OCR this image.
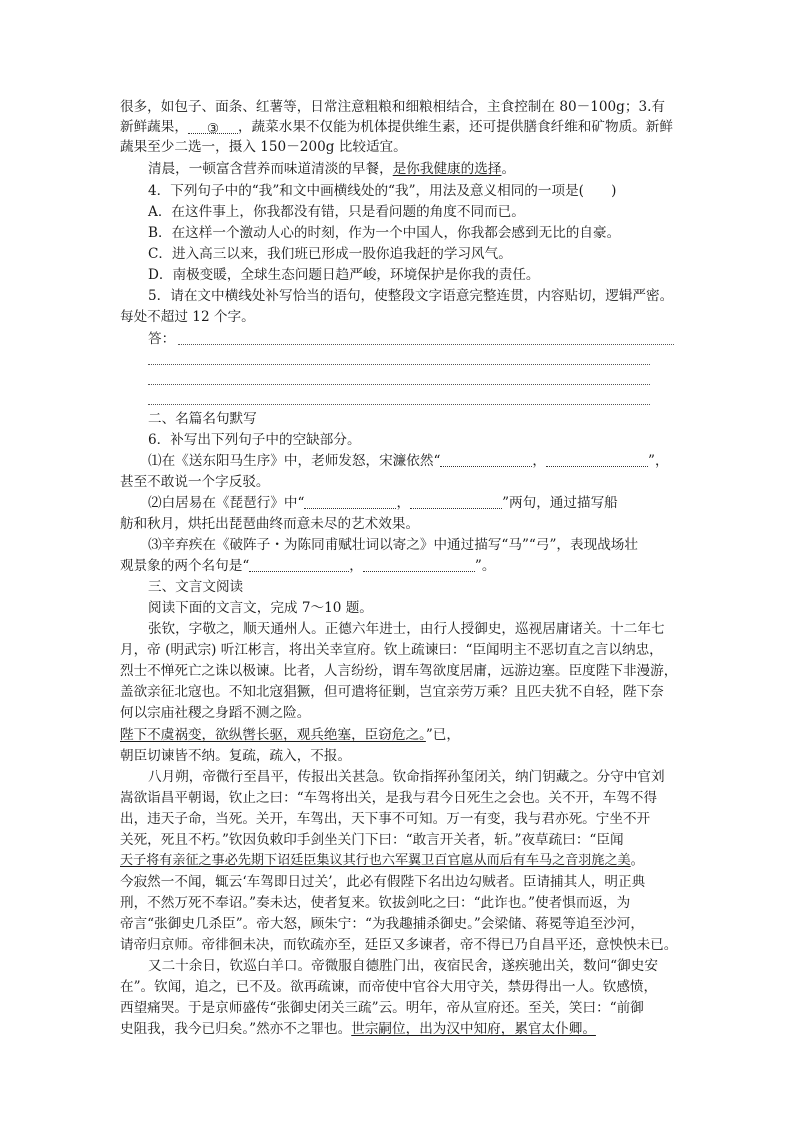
很多，如包子、面条、红薯等，日常注意粗粮和细粮相结合，主食控制在 80－100g；3.有
新鲜蔬果， ③ ，蔬菜水果不仅能为机体提供维生素，还可提供膳食纤维和矿物质。新鲜
蔬果至少二选一，摄入 150－200g 比较适宜。
清晨，一顿富含营养而味道清淡的早餐，是你我健康的选择。
4．下列句子中的“我”和文中画横线处的“我”，用法及意义相同的一项是(　　)
A．在这件事上，你我都没有错，只是看问题的角度不同而已。
B．在这样一个激动人心的时刻，作为一个中国人，你我都会感到无比的自豪。
C．进入高三以来，我们班已形成一股你追我赶的学习风气。
D．南极变暖，全球生态问题日趋严峻，环境保护是你我的责任。
5．请在文中横线处补写恰当的语句，使整段文字语意完整连贯，内容贴切，逻辑严密。
每处不超过 12 个字。
答：
二、名篇名句默写
6．补写出下列句子中的空缺部分。
⑴在《送东阳马生序》中，老师发怒，宋濂依然“	，	”，
甚至不敢说一个字反驳。
⑵白居易在《琵琶行》中“	，	”两句，通过描写船
舫和秋月，烘托出琵琶曲终而意未尽的艺术效果。
⑶辛弃疾在《破阵子・为陈同甫赋壮词以寄之》中通过描写“马”“弓”，表现战场壮
观景象的两个名句是“	，	”。
三、文言文阅读
阅读下面的文言文，完成 7～10 题。
张钦，字敬之，顺天通州人。正德六年进士，由行人授御史，巡视居庸诸关。十二年七
月，帝 (明武宗) 听江彬言，将出关幸宣府。钦上疏谏曰：“臣闻明主不恶切直之言以纳忠，
烈士不惮死亡之诛以极谏。比者，人言纷纷，谓车驾欲度居庸，远游边塞。臣度陛下非漫游，
盖欲亲征北寇也。不知北寇猖獗，但可遣将征剿，岂宜亲劳万乘？且匹夫犹不自轻，陛下奈
何以宗庙社稷之身蹈不测之险。
陛下不虞祸变，欲纵辔长驱，观兵绝塞，臣窃危之。”已，
朝臣切谏皆不纳。复疏，疏入，不报。
八月朔，帝微行至昌平，传报出关甚急。钦命指挥孙玺闭关，纳门钥藏之。分守中官刘
嵩欲诣昌平朝谒，钦止之曰：“车驾将出关，是我与君今日死生之会也。关不开，车驾不得
出，违天子命，当死。关开，车驾出，天下事不可知。万一有变，我与君亦死。宁坐不开
关死，死且不朽。”钦因负敕印手剑坐关门下曰：“敢言开关者，斩。”夜草疏曰：“臣闻
天子将有亲征之事必先期下诏廷臣集议其行也六军翼卫百官扈从而后有车马之音羽旄之美。
今寂然一不闻，辄云‘车驾即日过关’，此必有假陛下名出边勾贼者。臣请捕其人，明正典
刑，不然万死不奉诏。”奏未达，使者复来。钦拔剑叱之曰：“此诈也。”使者惧而返，为
帝言“张御史几杀臣”。帝大怒，顾朱宁：“为我趣捕杀御史。”会梁储、蒋冕等追至沙河，
请帝归京师。帝徘徊未决，而钦疏亦至，廷臣又多谏者，帝不得已乃自昌平还，意怏怏未已。
又二十余日，钦巡白羊口。帝微服自德胜门出，夜宿民舍，遂疾驰出关，数问“御史安
在”。钦闻，追之，已不及。欲再疏谏，而帝使中官谷大用守关，禁毋得出一人。钦感愤，
西望痛哭。于是京师盛传“张御史闭关三疏”云。明年，帝从宣府还。至关，笑曰：“前御
史阻我，我今已归矣。”然亦不之罪也。世宗嗣位，出为汉中知府，累官太仆卿。
